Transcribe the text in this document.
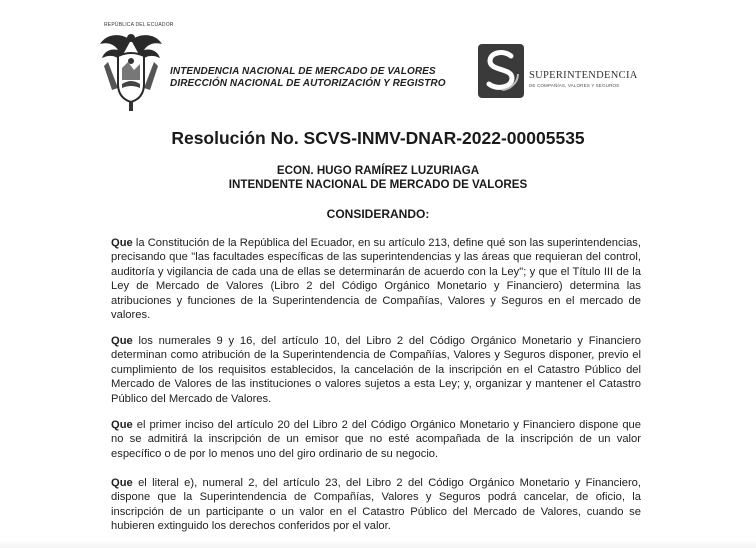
REPÚBLICA DEL ECUADOR
INTENDENCIA NACIONAL DE MERCADO DE VALORES
DIRECCIÓN NACIONAL DE AUTORIZACIÓN Y REGISTRO
SUPERINTENDENCIA
DE COMPAÑÍAS, VALORES Y SEGUROS
Resolución No. SCVS-INMV-DNAR-2022-00005535
ECON. HUGO RAMÍREZ LUZURIAGA
INTENDENTE NACIONAL DE MERCADO DE VALORES
CONSIDERANDO:
Que la Constitución de la República del Ecuador, en su artículo 213, define qué son las superintendencias, precisando que "las facultades específicas de las superintendencias y las áreas que requieran del control, auditoría y vigilancia de cada una de ellas se determinarán de acuerdo con la Ley"; y que el Título III de la Ley de Mercado de Valores (Libro 2 del Código Orgánico Monetario y Financiero) determina las atribuciones y funciones de la Superintendencia de Compañías, Valores y Seguros en el mercado de valores.
Que los numerales 9 y 16, del artículo 10, del Libro 2 del Código Orgánico Monetario y Financiero determinan como atribución de la Superintendencia de Compañías, Valores y Seguros disponer, previo el cumplimiento de los requisitos establecidos, la cancelación de la inscripción en el Catastro Público del Mercado de Valores de las instituciones o valores sujetos a esta Ley; y, organizar y mantener el Catastro Público del Mercado de Valores.
Que el primer inciso del artículo 20 del Libro 2 del Código Orgánico Monetario y Financiero dispone que no se admitirá la inscripción de un emisor que no esté acompañada de la inscripción de un valor específico o de por lo menos uno del giro ordinario de su negocio.
Que el literal e), numeral 2, del artículo 23, del Libro 2 del Código Orgánico Monetario y Financiero, dispone que la Superintendencia de Compañías, Valores y Seguros podrá cancelar, de oficio, la inscripción de un participante o un valor en el Catastro Público del Mercado de Valores, cuando se hubieren extinguido los derechos conferidos por el valor.
